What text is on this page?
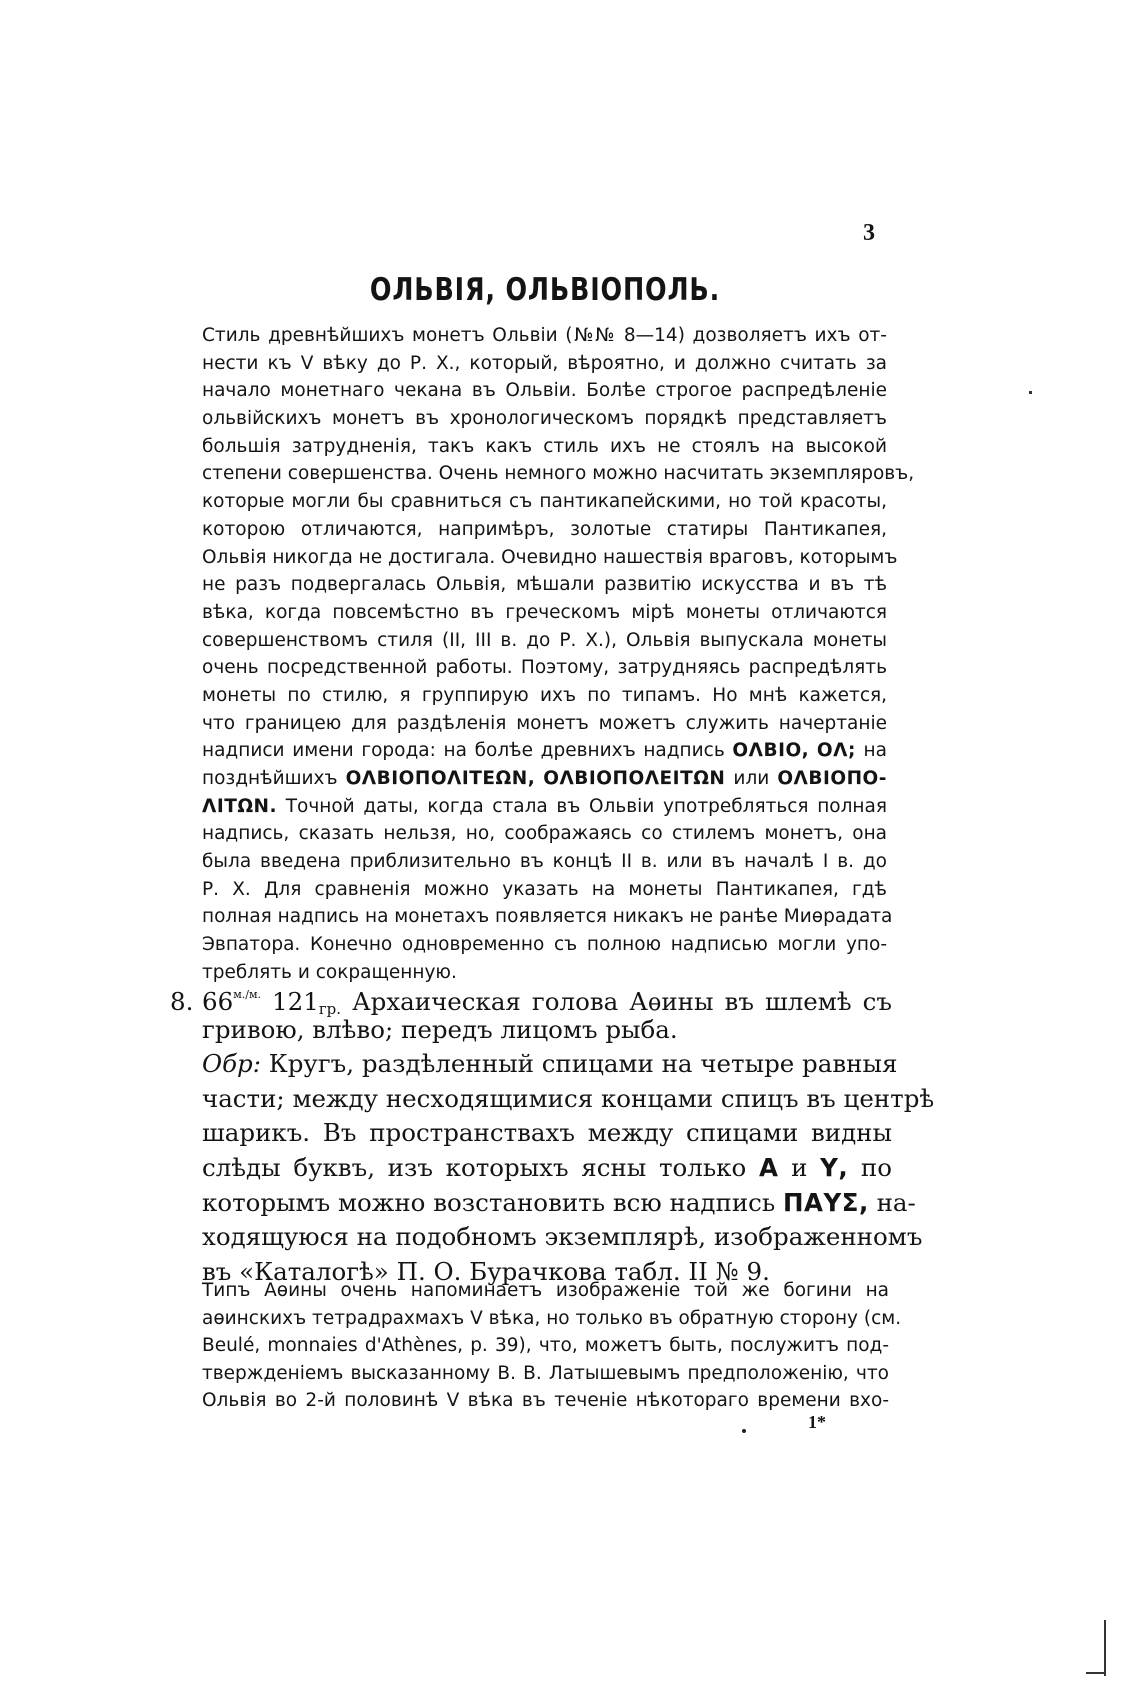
3
ОЛЬВІЯ, ОЛЬВІОПОЛЬ.
Стиль древнѣйшихъ монетъ Ольвіи (№№ 8—14) дозволяетъ ихъ от-
нести къ V вѣку до Р. Х., который, вѣроятно, и должно считать за
начало монетнаго чекана въ Ольвіи. Болѣе строгое распредѣленіе
ольвійскихъ монетъ въ хронологическомъ порядкѣ представляетъ
большія затрудненія, такъ какъ стиль ихъ не стоялъ на высокой
степени совершенства. Очень немного можно насчитать экземпляровъ,
которые могли бы сравниться съ пантикапейскими, но той красоты,
которою отличаются, напримѣръ, золотые статиры Пантикапея,
Ольвія никогда не достигала. Очевидно нашествія враговъ, которымъ
не разъ подвергалась Ольвія, мѣшали развитію искусства и въ тѣ
вѣка, когда повсемѣстно въ греческомъ мірѣ монеты отличаются
совершенствомъ стиля (II, III в. до Р. Х.), Ольвія выпускала монеты
очень посредственной работы. Поэтому, затрудняясь распредѣлять
монеты по стилю, я группирую ихъ по типамъ. Но мнѣ кажется,
что границею для раздѣленія монетъ можетъ служить начертаніе
надписи имени города: на болѣе древнихъ надпись ΟΛΒΙΟ, ΟΛ; на
позднѣйшихъ ΟΛΒΙΟΠΟΛΙΤΕΩΝ, ΟΛΒΙΟΠΟΛΕΙΤΩΝ или ΟΛΒΙΟΠΟ-
ΛΙΤΩΝ. Точной даты, когда стала въ Ольвіи употребляться полная
надпись, сказать нельзя, но, соображаясь со стилемъ монетъ, она
была введена приблизительно въ концѣ II в. или въ началѣ I в. до
Р. Х. Для сравненія можно указать на монеты Пантикапея, гдѣ
полная надпись на монетахъ появляется никакъ не ранѣе Миѳрадата
Эвпатора. Конечно одновременно съ полною надписью могли упо-
треблять и сокращенную.
8. $66^{м./м.}$ $121_{гр.}$ Архаическая голова Аѳины въ шлемѣ съ
гривою, влѣво; передъ лицомъ рыба.
Обр: Кругъ, раздѣленный спицами на четыре равныя
части; между несходящимися концами спицъ въ центрѣ
шарикъ. Въ пространствахъ между спицами видны
слѣды буквъ, изъ которыхъ ясны только Α и Υ, по
которымъ можно возстановить всю надпись ΠΑΥΣ, на-
ходящуюся на подобномъ экземплярѣ, изображенномъ
въ «Каталогѣ» П. О. Бурачкова табл. II № 9.
Типъ Аѳины очень напоминаетъ изображеніе той же богини на
аѳинскихъ тетрадрахмахъ V вѣка, но только въ обратную сторону (см.
Beulé, monnaies d'Athènes, p. 39), что, можетъ быть, послужитъ под-
твержденіемъ высказанному В. В. Латышевымъ предположенію, что
Ольвія во 2-й половинѣ V вѣка въ теченіе нѣкотораго времени вхо-
1*
